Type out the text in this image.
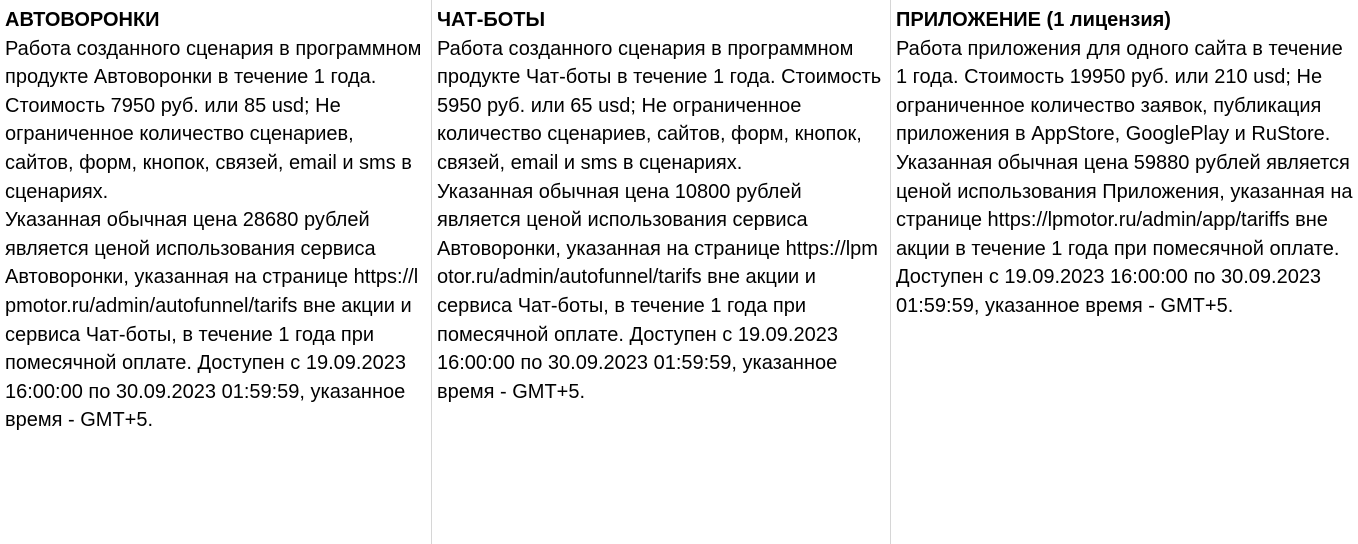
АВТОВОРОНКИ

Работа созданного сценария в программном продукте Автоворонки в течение 1 года. Стоимость 7950 руб. или 85 usd; Не ограниченное количество сценариев, сайтов, форм, кнопок, связей, email и sms в сценариях.

Указанная обычная цена 28680 рублей является ценой использования сервиса Автоворонки, указанная на странице https://lpmotor.ru/admin/autofunnel/tarifs вне акции и сервиса Чат-боты, в течение 1 года при помесячной оплате. Доступен с 19.09.2023 16:00:00 по 30.09.2023 01:59:59, указанное время - GMT+5.

ЧАТ-БОТЫ

Работа созданного сценария в программном продукте Чат-боты в течение 1 года. Стоимость 5950 руб. или 65 usd; Не ограниченное количество сценариев, сайтов, форм, кнопок, связей, email и sms в сценариях.

Указанная обычная цена 10800 рублей является ценой использования сервиса Автоворонки, указанная на странице https://lpmotor.ru/admin/autofunnel/tarifs вне акции и сервиса Чат-боты, в течение 1 года при помесячной оплате. Доступен с 19.09.2023 16:00:00 по 30.09.2023 01:59:59, указанное время - GMT+5.

ПРИЛОЖЕНИЕ (1 лицензия)

Работа приложения для одного сайта в течение 1 года. Стоимость 19950 руб. или 210 usd; Не ограниченное количество заявок, публикация приложения в AppStore, GooglePlay и RuStore.

Указанная обычная цена 59880 рублей является ценой использования Приложения, указанная на странице https://lpmotor.ru/admin/app/tariffs вне акции в течение 1 года при помесячной оплате. Доступен с 19.09.2023 16:00:00 по 30.09.2023 01:59:59, указанное время - GMT+5.
